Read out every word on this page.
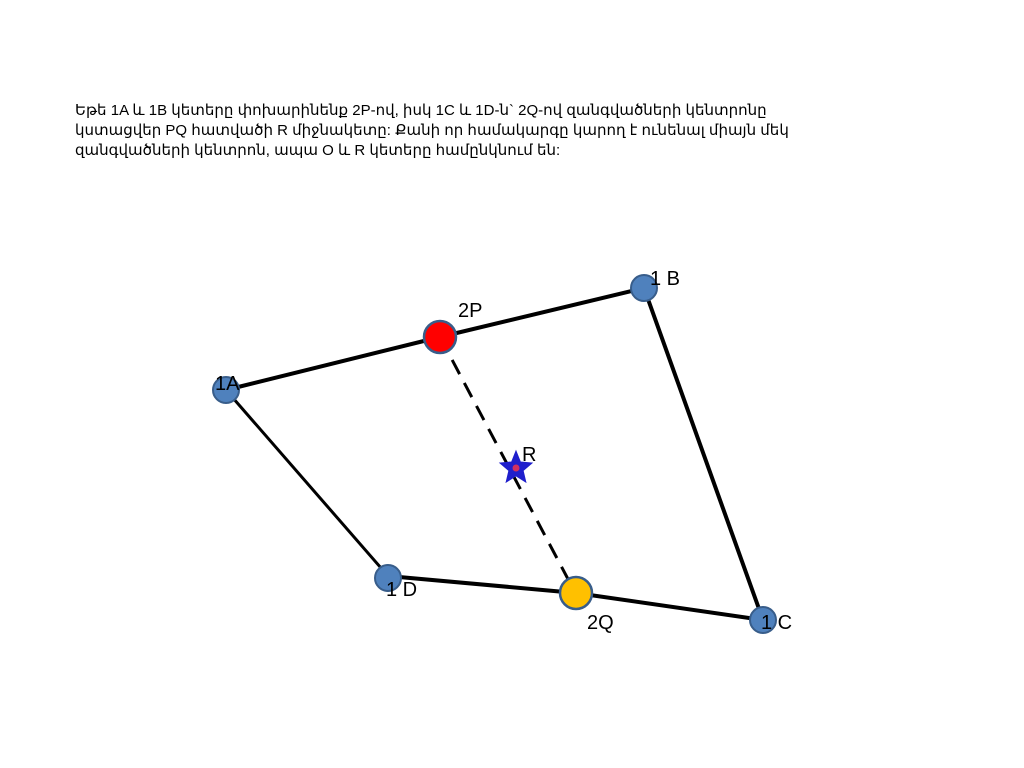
Եթե 1A և 1B կետերը փոխարինենք 2P-ով, իսկ 1C և 1D-ն` 2Q-ով զանգվածների կենտրոնը
կստացվեր PQ հատվածի R միջնակետը: Քանի որ համակարգը կարող է ունենալ միայն մեկ
զանգվածների կենտրոն, ապա O և R կետերը համընկնում են:
1A
1 B
1 C
1 D
2P
2Q
R
